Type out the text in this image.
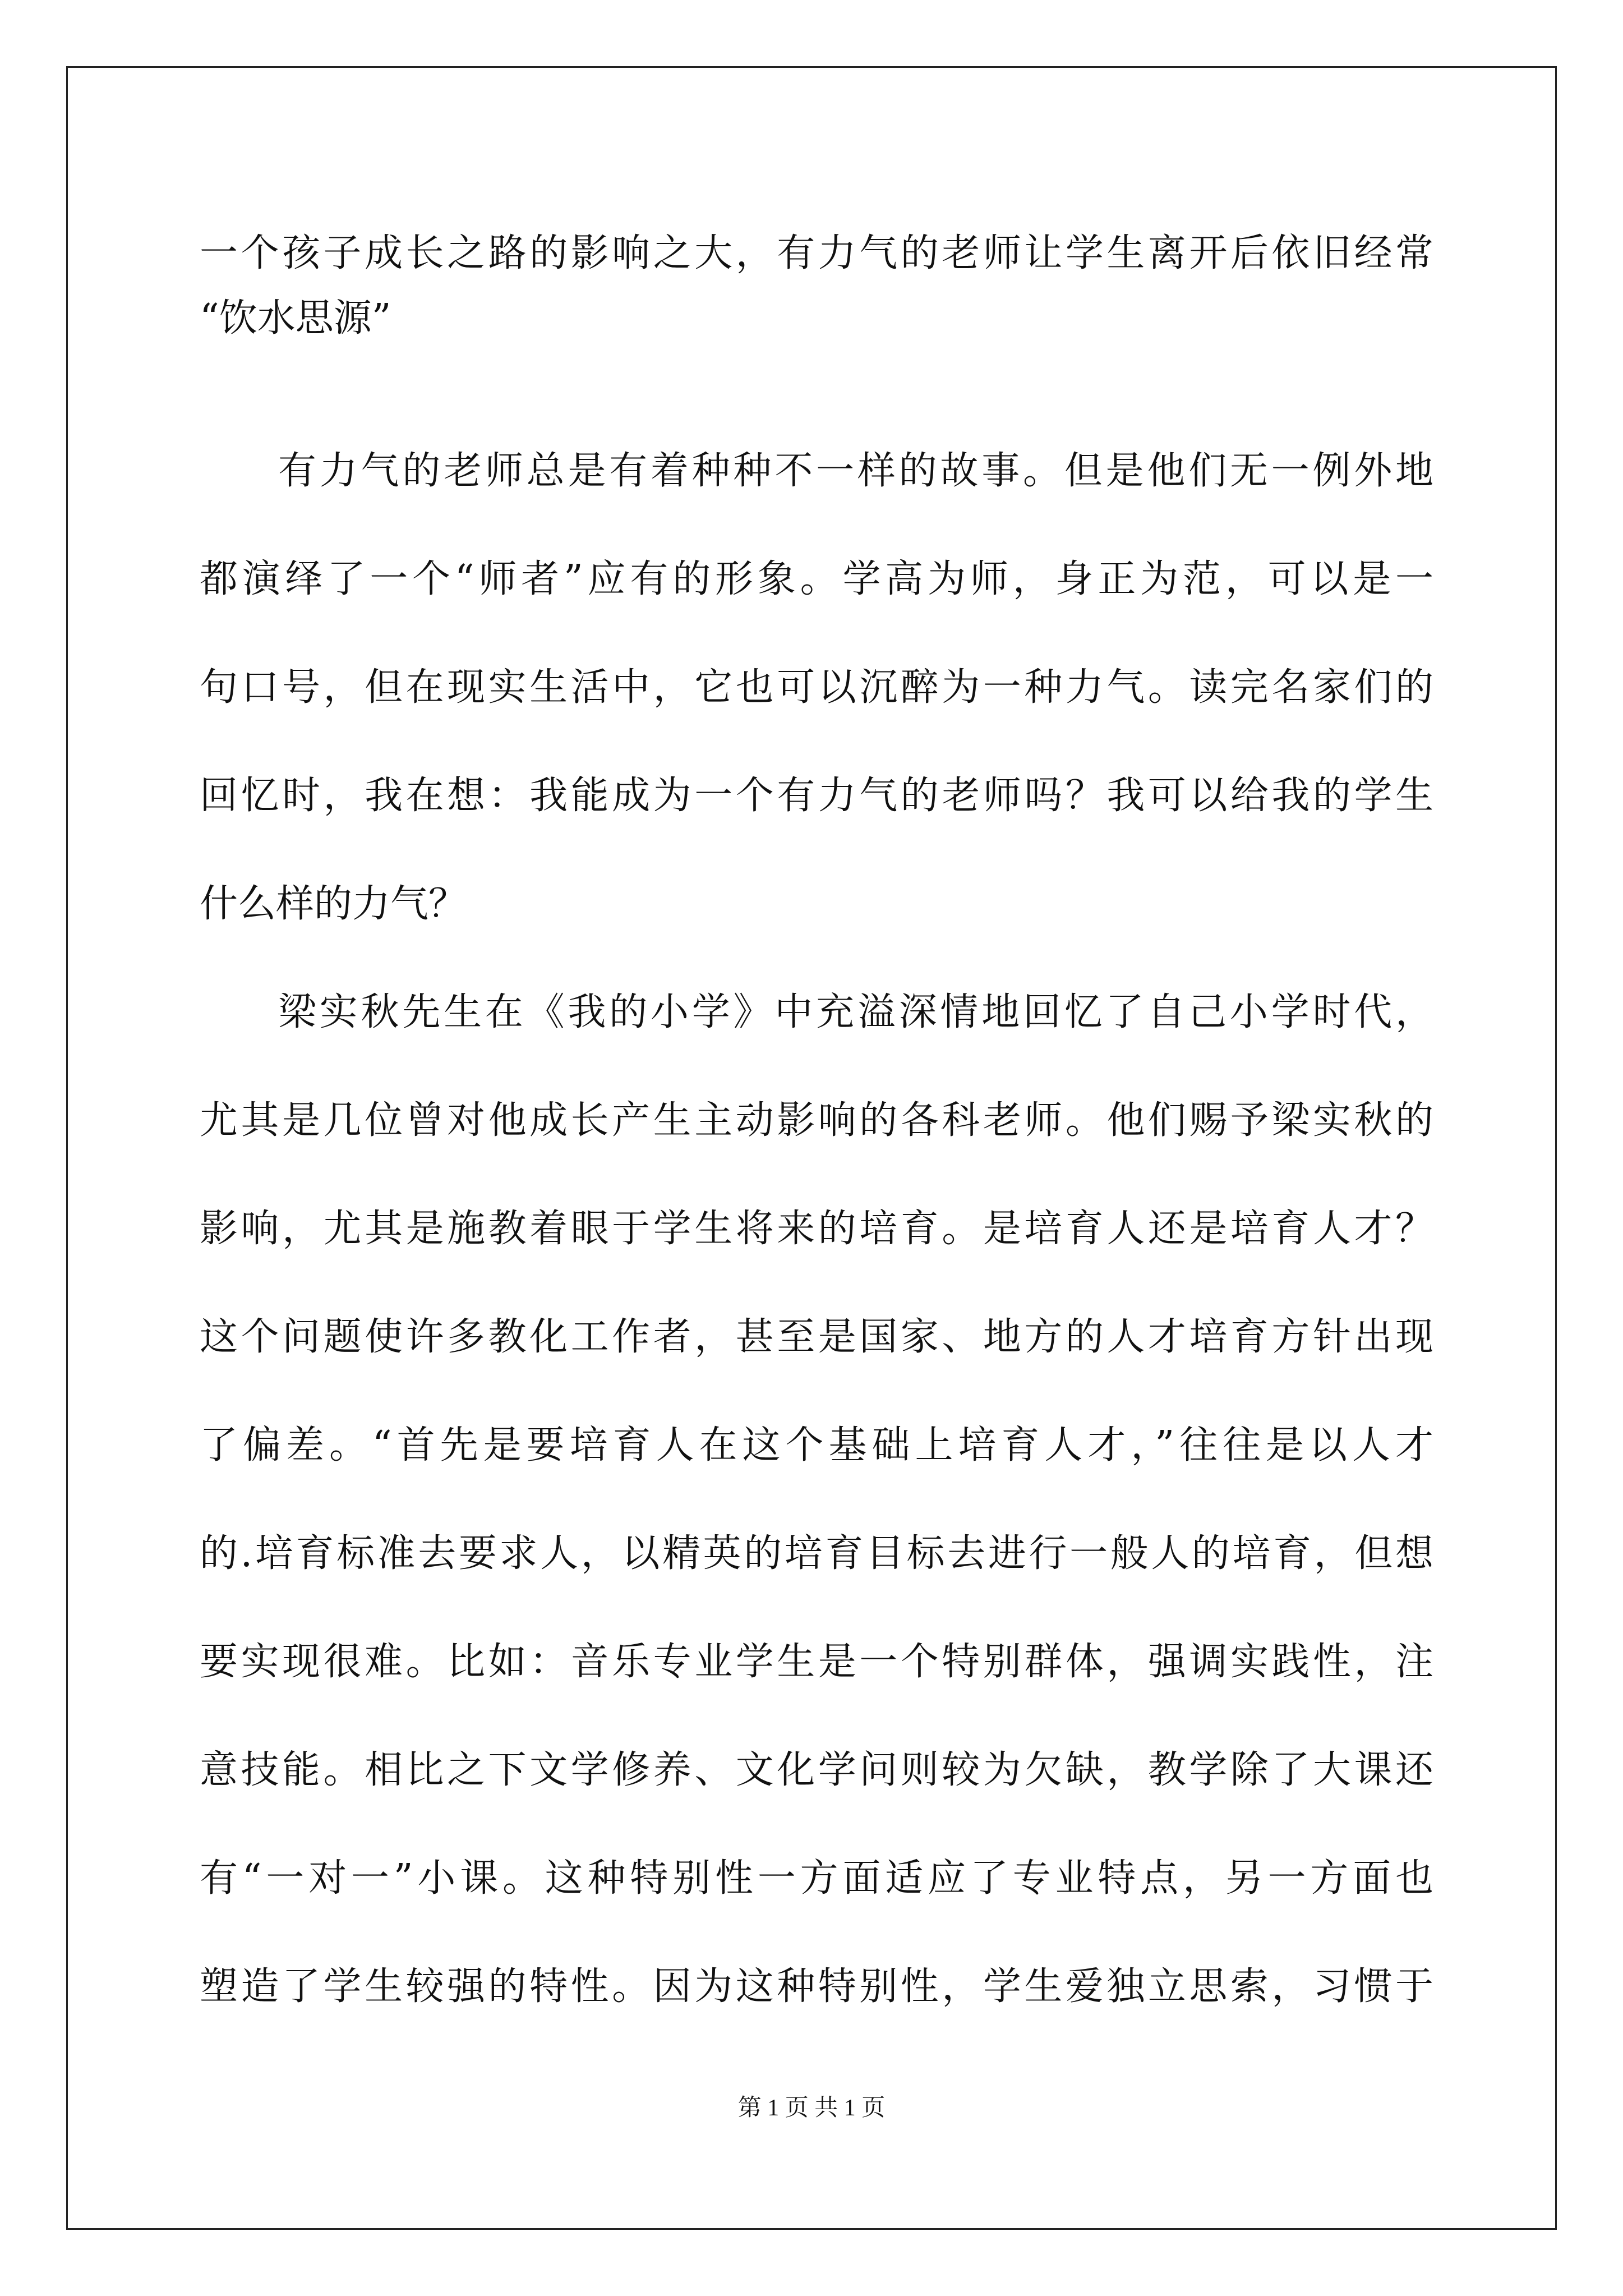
一个孩子成长之路的影响之大，有力气的老师让学生离开后依旧经常
“饮水思源”
有力气的老师总是有着种种不一样的故事。但是他们无一例外地
都演绎了一个“师者”应有的形象。学高为师，身正为范，可以是一
句口号，但在现实生活中，它也可以沉醉为一种力气。读完名家们的
回忆时，我在想：我能成为一个有力气的老师吗？我可以给我的学生
什么样的力气？
梁实秋先生在《我的小学》中充溢深情地回忆了自己小学时代，
尤其是几位曾对他成长产生主动影响的各科老师。他们赐予梁实秋的
影响，尤其是施教着眼于学生将来的培育。是培育人还是培育人才？
这个问题使许多教化工作者，甚至是国家、地方的人才培育方针出现
了偏差。“首先是要培育人在这个基础上培育人才，”往往是以人才
的.培育标准去要求人，以精英的培育目标去进行一般人的培育，但想
要实现很难。比如：音乐专业学生是一个特别群体，强调实践性，注
意技能。相比之下文学修养、文化学问则较为欠缺，教学除了大课还
有“一对一”小课。这种特别性一方面适应了专业特点，另一方面也
塑造了学生较强的特性。因为这种特别性，学生爱独立思索，习惯于
第 1 页 共 1 页
